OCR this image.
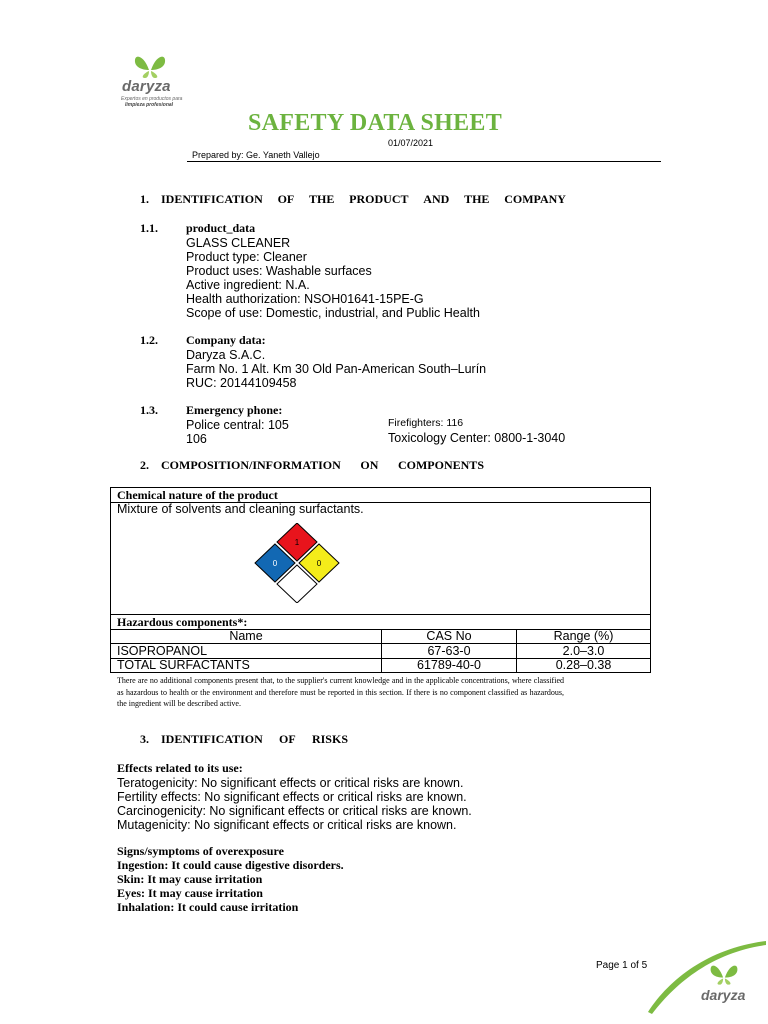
daryza
Expertos en productos para
limpieza profesional
SAFETY DATA SHEET
01/07/2021
Prepared by: Ge. Yaneth Vallejo
1. IDENTIFICATION OF THE PRODUCT AND THE COMPANY
1.1. product_data
GLASS CLEANER
Product type: Cleaner
Product uses: Washable surfaces
Active ingredient: N.A.
Health authorization: NSOH01641-15PE-G
Scope of use: Domestic, industrial, and Public Health
1.2. Company data:
Daryza S.A.C.
Farm No. 1 Alt. Km 30 Old Pan-American South–Lurín
RUC: 20144109458
1.3. Emergency phone:
Police central: 105
106
Firefighters: 116
Toxicology Center: 0800-1-3040
2. COMPOSITION/INFORMATION ON COMPONENTS
Chemical nature of the product
Mixture of solvents and cleaning surfactants.
1
0	0
Hazardous components*:
Name	CAS No	Range (%)
ISOPROPANOL	67-63-0	2.0–3.0
TOTAL SURFACTANTS	61789-40-0	0.28–0.38
There are no additional components present that, to the supplier's current knowledge and in the applicable concentrations, where classified as hazardous to health or the environment and therefore must be reported in this section. If there is no component classified as hazardous, the ingredient will be described active.
3. IDENTIFICATION OF RISKS
Effects related to its use:
Teratogenicity: No significant effects or critical risks are known.
Fertility effects: No significant effects or critical risks are known.
Carcinogenicity: No significant effects or critical risks are known.
Mutagenicity: No significant effects or critical risks are known.
Signs/symptoms of overexposure
Ingestion: It could cause digestive disorders.
Skin: It may cause irritation
Eyes: It may cause irritation
Inhalation: It could cause irritation
Page 1 of 5
daryza
